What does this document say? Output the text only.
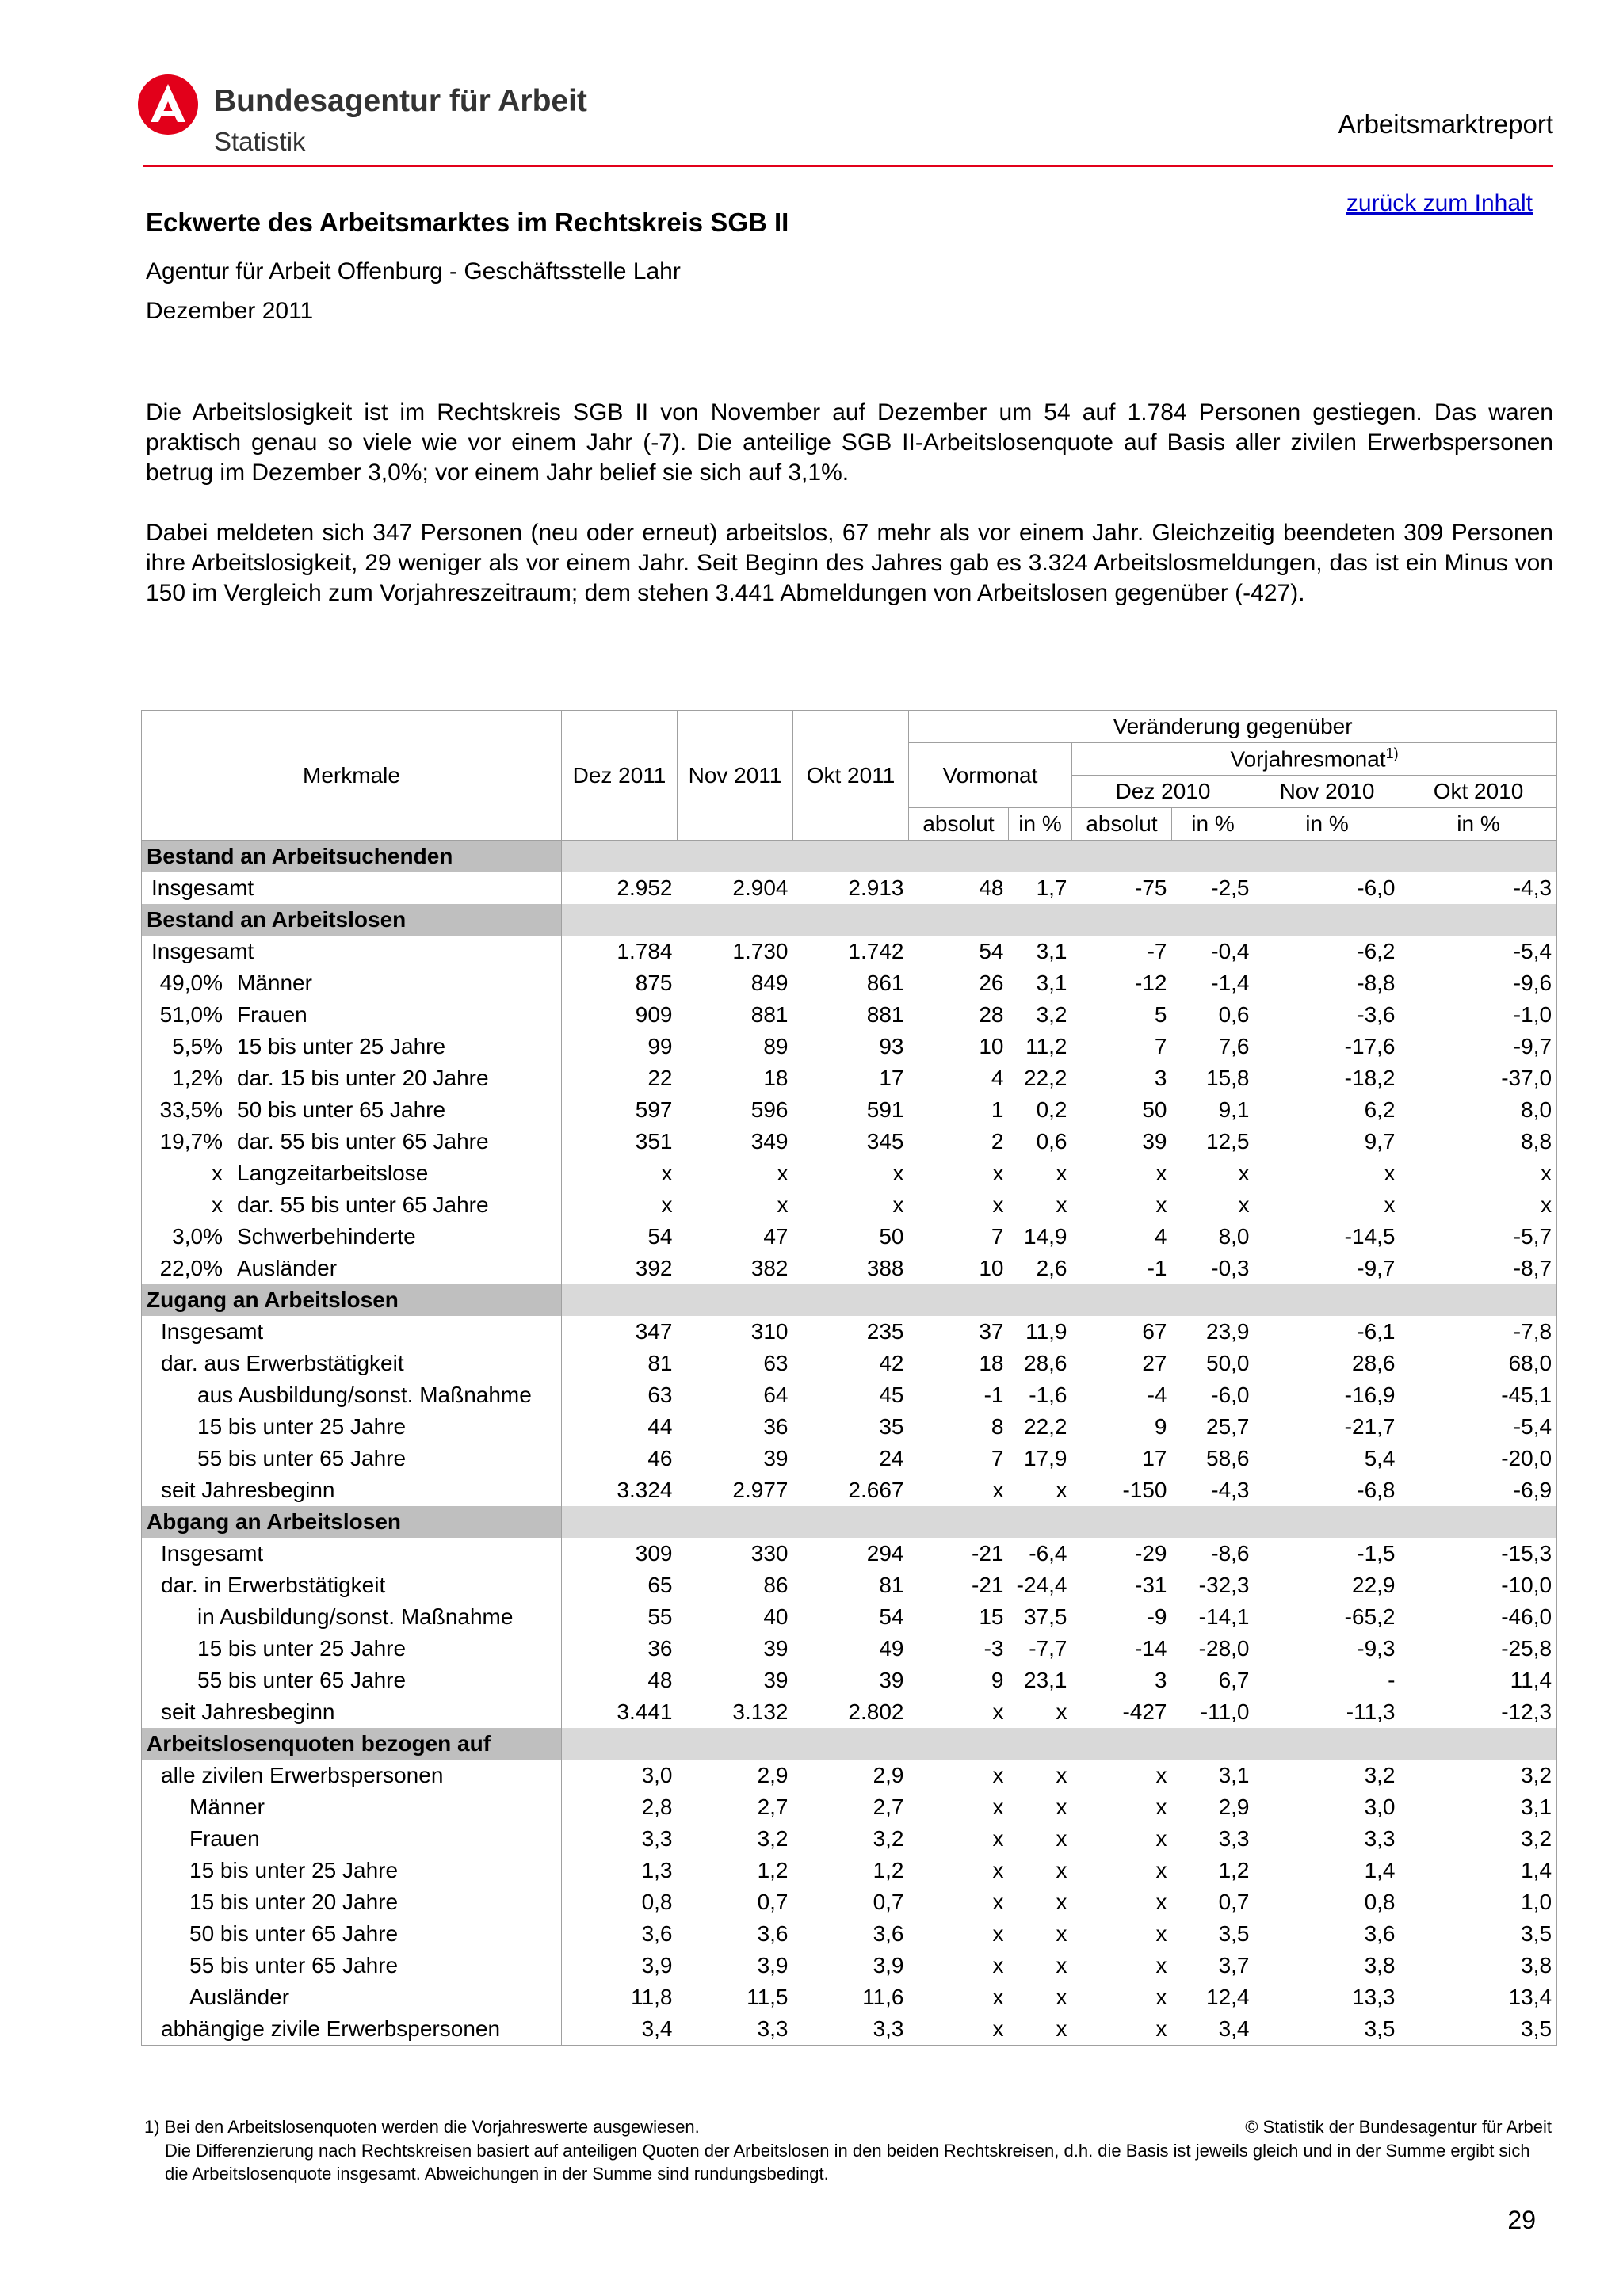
Bundesagentur für Arbeit
Statistik
Arbeitsmarktreport
zurück zum Inhalt
Eckwerte des Arbeitsmarktes im Rechtskreis SGB II
Agentur für Arbeit Offenburg - Geschäftsstelle Lahr
Dezember 2011

Die Arbeitslosigkeit ist im Rechtskreis SGB II von November auf Dezember um 54 auf 1.784 Personen gestiegen. Das waren praktisch genau so viele wie vor einem Jahr (-7). Die anteilige SGB II-Arbeitslosenquote auf Basis aller zivilen Erwerbspersonen betrug im Dezember 3,0%; vor einem Jahr belief sie sich auf 3,1%.

Dabei meldeten sich 347 Personen (neu oder erneut) arbeitslos, 67 mehr als vor einem Jahr. Gleichzeitig beendeten 309 Personen ihre Arbeitslosigkeit, 29 weniger als vor einem Jahr. Seit Beginn des Jahres gab es 3.324 Arbeitslosmeldungen, das ist ein Minus von 150 im Vergleich zum Vorjahreszeitraum; dem stehen 3.441 Abmeldungen von Arbeitslosen gegenüber (-427).

Merkmale	Dez 2011	Nov 2011	Okt 2011	Veränderung gegenüber					
				Vormonat		Vorjahresmonat$^{1)}$
						Dez 2010		Nov 2010	Okt 2010
				absolut	in %	absolut	in %	in %	in %
Bestand an Arbeitsuchenden									
Insgesamt	2.952	2.904	2.913	48	1,7	-75	-2,5	-6,0	-4,3
Bestand an Arbeitslosen									
Insgesamt	1.784	1.730	1.742	54	3,1	-7	-0,4	-6,2	-5,4
49,0% Männer	875	849	861	26	3,1	-12	-1,4	-8,8	-9,6
51,0% Frauen	909	881	881	28	3,2	5	0,6	-3,6	-1,0
5,5% 15 bis unter 25 Jahre	99	89	93	10	11,2	7	7,6	-17,6	-9,7
1,2% dar. 15 bis unter 20 Jahre	22	18	17	4	22,2	3	15,8	-18,2	-37,0
33,5% 50 bis unter 65 Jahre	597	596	591	1	0,2	50	9,1	6,2	8,0
19,7% dar. 55 bis unter 65 Jahre	351	349	345	2	0,6	39	12,5	9,7	8,8
x Langzeitarbeitslose	x	x	x	x	x	x	x	x	x
x dar. 55 bis unter 65 Jahre	x	x	x	x	x	x	x	x	x
3,0% Schwerbehinderte	54	47	50	7	14,9	4	8,0	-14,5	-5,7
22,0% Ausländer	392	382	388	10	2,6	-1	-0,3	-9,7	-8,7
Zugang an Arbeitslosen									
Insgesamt	347	310	235	37	11,9	67	23,9	-6,1	-7,8
dar. aus Erwerbstätigkeit	81	63	42	18	28,6	27	50,0	28,6	68,0
aus Ausbildung/sonst. Maßnahme	63	64	45	-1	-1,6	-4	-6,0	-16,9	-45,1
15 bis unter 25 Jahre	44	36	35	8	22,2	9	25,7	-21,7	-5,4
55 bis unter 65 Jahre	46	39	24	7	17,9	17	58,6	5,4	-20,0
seit Jahresbeginn	3.324	2.977	2.667	x	x	-150	-4,3	-6,8	-6,9
Abgang an Arbeitslosen									
Insgesamt	309	330	294	-21	-6,4	-29	-8,6	-1,5	-15,3
dar. in Erwerbstätigkeit	65	86	81	-21	-24,4	-31	-32,3	22,9	-10,0
in Ausbildung/sonst. Maßnahme	55	40	54	15	37,5	-9	-14,1	-65,2	-46,0
15 bis unter 25 Jahre	36	39	49	-3	-7,7	-14	-28,0	-9,3	-25,8
55 bis unter 65 Jahre	48	39	39	9	23,1	3	6,7	-	11,4
seit Jahresbeginn	3.441	3.132	2.802	x	x	-427	-11,0	-11,3	-12,3
Arbeitslosenquoten bezogen auf									
alle zivilen Erwerbspersonen	3,0	2,9	2,9	x	x	x	3,1	3,2	3,2
Männer	2,8	2,7	2,7	x	x	x	2,9	3,0	3,1
Frauen	3,3	3,2	3,2	x	x	x	3,3	3,3	3,2
15 bis unter 25 Jahre	1,3	1,2	1,2	x	x	x	1,2	1,4	1,4
15 bis unter 20 Jahre	0,8	0,7	0,7	x	x	x	0,7	0,8	1,0
50 bis unter 65 Jahre	3,6	3,6	3,6	x	x	x	3,5	3,6	3,5
55 bis unter 65 Jahre	3,9	3,9	3,9	x	x	x	3,7	3,8	3,8
Ausländer	11,8	11,5	11,6	x	x	x	12,4	13,3	13,4
abhängige zivile Erwerbspersonen	3,4	3,3	3,3	x	x	x	3,4	3,5	3,5
1) Bei den Arbeitslosenquoten werden die Vorjahreswerte ausgewiesen.	© Statistik der Bundesagentur für Arbeit
Die Differenzierung nach Rechtskreisen basiert auf anteiligen Quoten der Arbeitslosen in den beiden Rechtskreisen, d.h. die Basis ist jeweils gleich und in der Summe ergibt sich die Arbeitslosenquote insgesamt. Abweichungen in der Summe sind rundungsbedingt.
29
